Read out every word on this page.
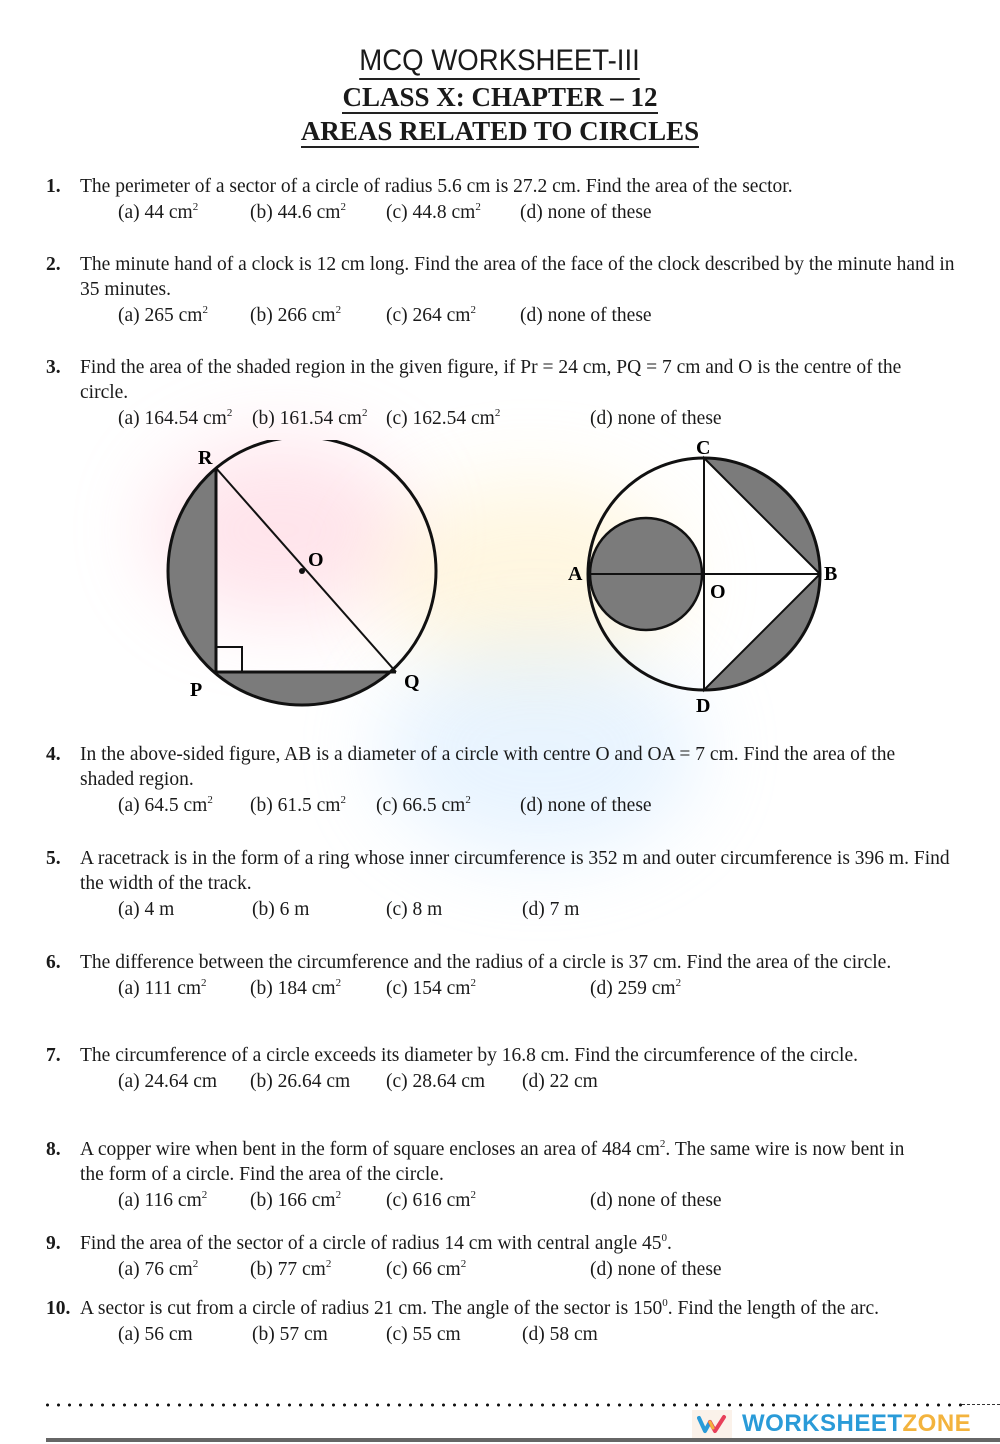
MCQ WORKSHEET-III
CLASS X: CHAPTER – 12
AREAS RELATED TO CIRCLES
1. The perimeter of a sector of a circle of radius 5.6 cm is 27.2 cm. Find the area of the sector.
(a) 44 $cm^2$	(b) 44.6 $cm^2$ (c) 44.8 $cm^2$ (d) none of these
2. The minute hand of a clock is 12 cm long. Find the area of the face of the clock described by the minute hand in 35 minutes.
(a) 265 $cm^2$ (b) 266 $cm^2$ (c) 264 $cm^2$ (d) none of these
3. Find the area of the shaded region in the given figure, if Pr = 24 cm, PQ = 7 cm and O is the centre of the circle.
(a) 164.54 $cm^2$ (b) 161.54 $cm^2$ (c) 162.54 $cm^2$	(d) none of these
R
O
P	Q
C
A	B
O
D
4. In the above-sided figure, AB is a diameter of a circle with centre O and OA = 7 cm. Find the area of the shaded region.
(a) 64.5 $cm^2$ (b) 61.5 $cm^2$ (c) 66.5 $cm^2$	(d) none of these
5. A racetrack is in the form of a ring whose inner circumference is 352 m and outer circumference is 396 m. Find the width of the track.
(a) 4 m	(b) 6 m	(c) 8 m	(d) 7 m
6. The difference between the circumference and the radius of a circle is 37 cm. Find the area of the circle.
(a) 111 $cm^2$ (b) 184 $cm^2$ (c) 154 $cm^2$	(d) 259 $cm^2$
7. The circumference of a circle exceeds its diameter by 16.8 cm. Find the circumference of the circle.
(a) 24.64 cm (b) 26.64 cm (c) 28.64 cm (d) 22 cm
8. A copper wire when bent in the form of square encloses an area of 484 $cm^2$. The same wire is now bent in the form of a circle. Find the area of the circle.
(a) 116 $cm^2$ (b) 166 $cm^2$ (c) 616 $cm^2$	(d) none of these
9. Find the area of the sector of a circle of radius 14 cm with central angle $45^0$.
(a) 76 $cm^2$	(b) 77 $cm^2$	(c) 66 $cm^2$	(d) none of these
10. A sector is cut from a circle of radius 21 cm. The angle of the sector is $150^0$. Find the length of the arc.
(a) 56 cm	(b) 57 cm	(c) 55 cm	(d) 58 cm
WORKSHEET ZONE
